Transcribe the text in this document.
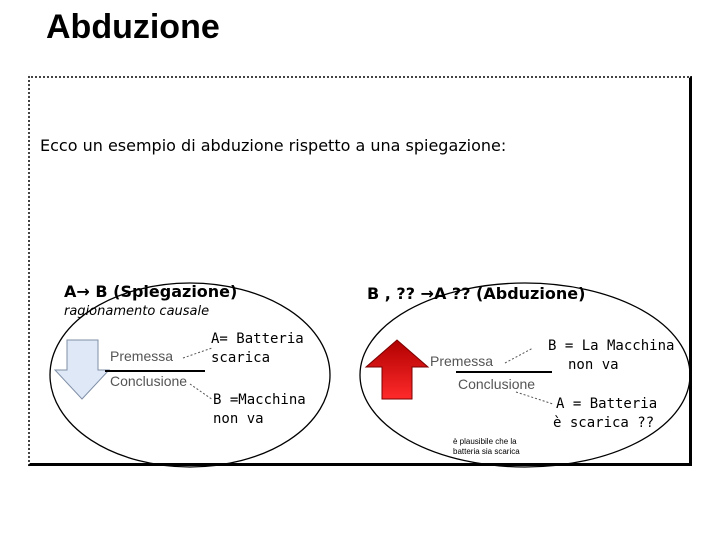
Abduzione
Ecco un esempio di abduzione rispetto a una spiegazione:
A→ B (Spiegazione)
ragionamento causale
Premessa
Conclusione
A= Batteria
scarica
B =Macchina
non va
B , ?? →A ?? (Abduzione)
Premessa
Conclusione
B = La Macchina
non va
A = Batteria
è scarica ??
è plausibile che la batteria sia scarica
